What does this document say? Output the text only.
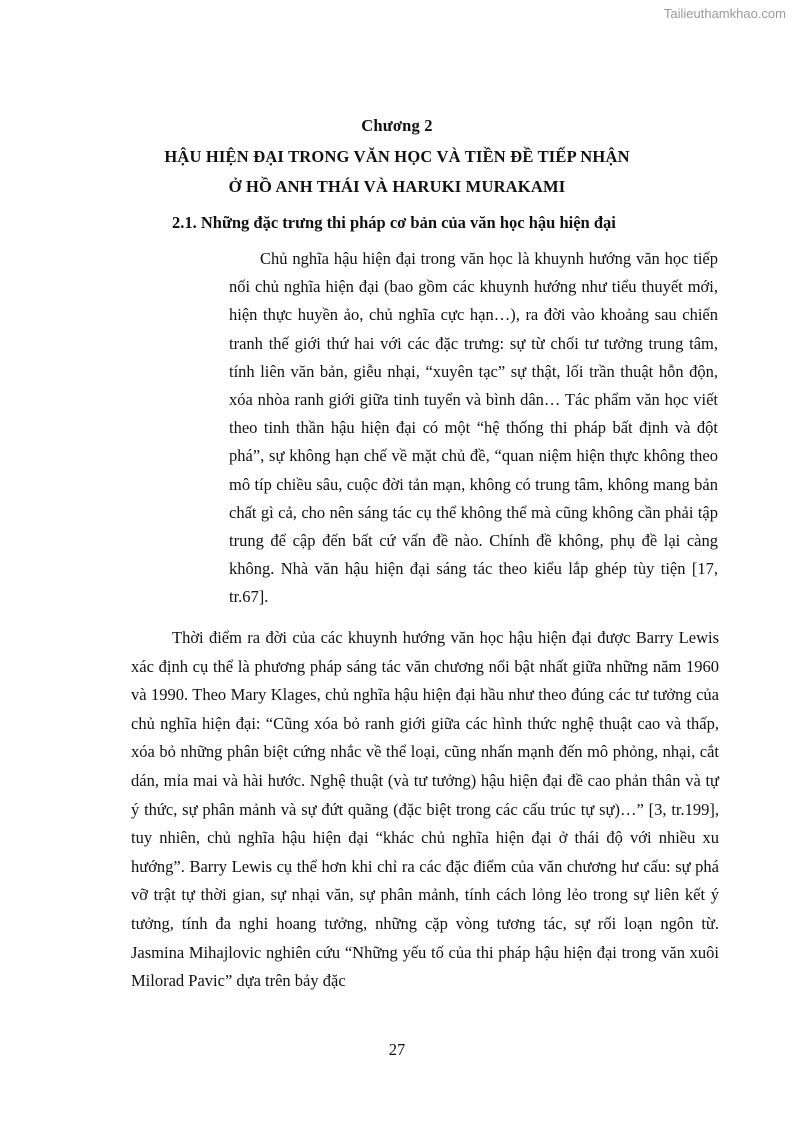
Tailieuthamkhao.com
Chương 2
HẬU HIỆN ĐẠI TRONG VĂN HỌC VÀ TIỀN ĐỀ TIẾP NHẬN
Ở HỒ ANH THÁI VÀ HARUKI MURAKAMI
2.1. Những đặc trưng thi pháp cơ bản của văn học hậu hiện đại
Chủ nghĩa hậu hiện đại trong văn học là khuynh hướng văn học tiếp nối chủ nghĩa hiện đại (bao gồm các khuynh hướng như tiểu thuyết mới, hiện thực huyền ảo, chủ nghĩa cực hạn…), ra đời vào khoảng sau chiến tranh thế giới thứ hai với các đặc trưng: sự từ chối tư tưởng trung tâm, tính liên văn bản, giễu nhại, “xuyên tạc” sự thật, lối trần thuật hỗn độn, xóa nhòa ranh giới giữa tinh tuyển và bình dân… Tác phẩm văn học viết theo tinh thần hậu hiện đại có một “hệ thống thi pháp bất định và đột phá”, sự không hạn chế về mặt chủ đề, “quan niệm hiện thực không theo mô típ chiều sâu, cuộc đời tản mạn, không có trung tâm, không mang bản chất gì cả, cho nên sáng tác cụ thể không thể mà cũng không cần phải tập trung để cập đến bất cứ vấn đề nào. Chính đề không, phụ đề lại càng không. Nhà văn hậu hiện đại sáng tác theo kiểu lắp ghép tùy tiện [17, tr.67].
Thời điểm ra đời của các khuynh hướng văn học hậu hiện đại được Barry Lewis xác định cụ thể là phương pháp sáng tác văn chương nổi bật nhất giữa những năm 1960 và 1990. Theo Mary Klages, chủ nghĩa hậu hiện đại hầu như theo đúng các tư tưởng của chủ nghĩa hiện đại: “Cũng xóa bỏ ranh giới giữa các hình thức nghệ thuật cao và thấp, xóa bỏ những phân biệt cứng nhắc về thể loại, cũng nhấn mạnh đến mô phỏng, nhại, cắt dán, mỉa mai và hài hước. Nghệ thuật (và tư tưởng) hậu hiện đại đề cao phản thân và tự ý thức, sự phân mảnh và sự đứt quãng (đặc biệt trong các cấu trúc tự sự)…” [3, tr.199], tuy nhiên, chủ nghĩa hậu hiện đại “khác chủ nghĩa hiện đại ở thái độ với nhiều xu hướng”. Barry Lewis cụ thể hơn khi chỉ ra các đặc điểm của văn chương hư cấu: sự phá vỡ trật tự thời gian, sự nhại văn, sự phân mảnh, tính cách lỏng lẻo trong sự liên kết ý tưởng, tính đa nghi hoang tưởng, những cặp vòng tương tác, sự rối loạn ngôn từ. Jasmina Mihajlovic nghiên cứu “Những yếu tố của thi pháp hậu hiện đại trong văn xuôi Milorad Pavic” dựa trên bảy đặc
27
